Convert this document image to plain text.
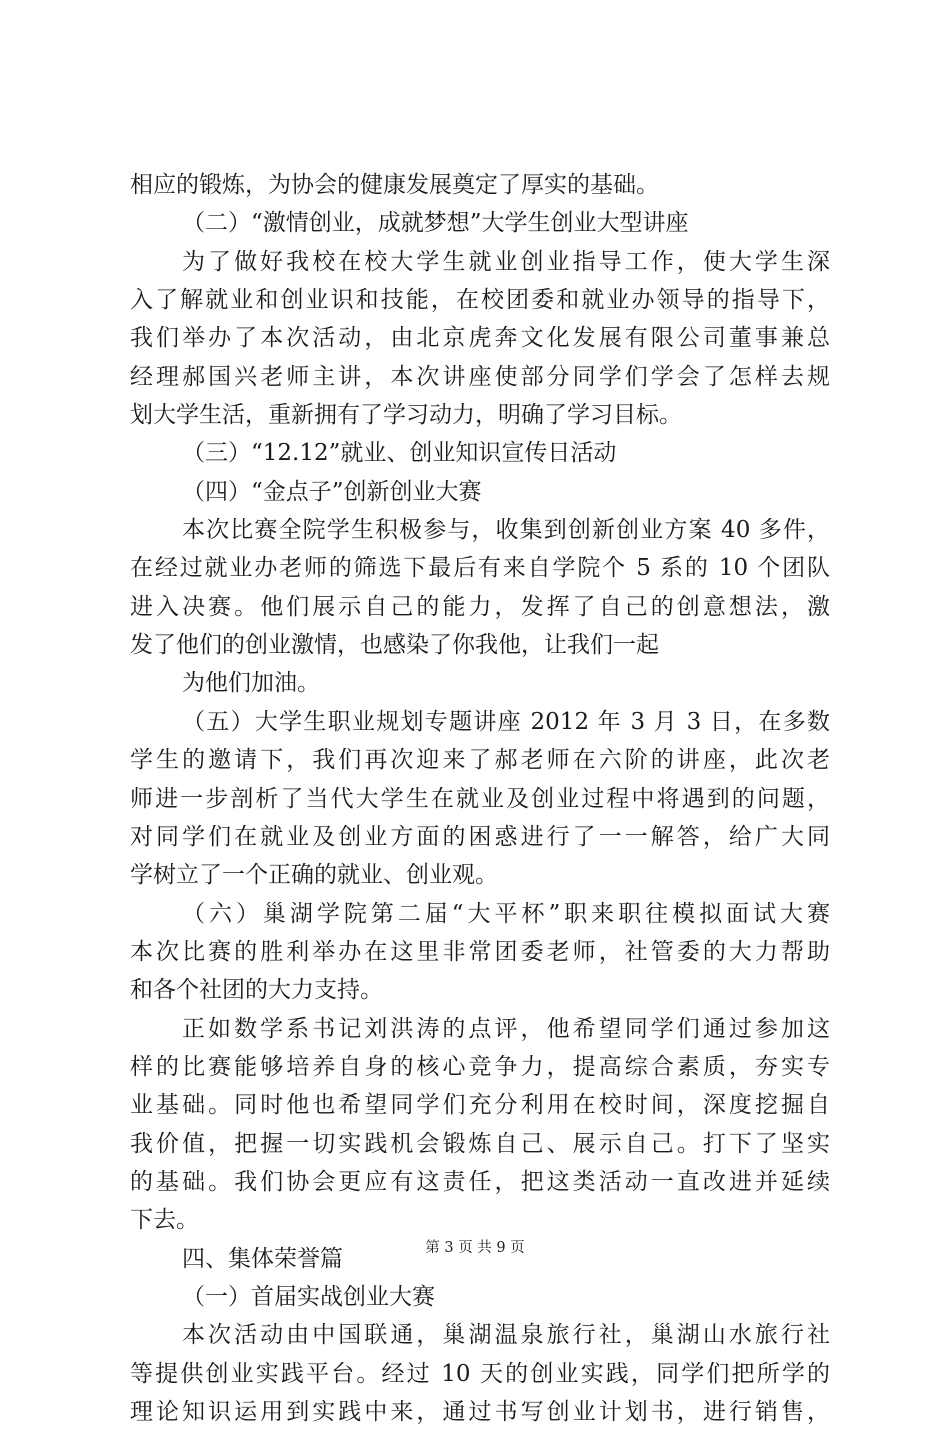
相应的锻炼，为协会的健康发展奠定了厚实的基础。
（二）“激情创业，成就梦想”大学生创业大型讲座
为了做好我校在校大学生就业创业指导工作，使大学生深
入了解就业和创业识和技能，在校团委和就业办领导的指导下，
我们举办了本次活动，由北京虎奔文化发展有限公司董事兼总
经理郝国兴老师主讲，本次讲座使部分同学们学会了怎样去规
划大学生活，重新拥有了学习动力，明确了学习目标。
（三）“12.12”就业、创业知识宣传日活动
（四）“金点子”创新创业大赛
本次比赛全院学生积极参与，收集到创新创业方案 40 多件，
在经过就业办老师的筛选下最后有来自学院个 5 系的 10 个团队
进入决赛。他们展示自己的能力，发挥了自己的创意想法，激
发了他们的创业激情，也感染了你我他，让我们一起
为他们加油。
（五）大学生职业规划专题讲座 2012 年 3 月 3 日，在多数
学生的邀请下，我们再次迎来了郝老师在六阶的讲座，此次老
师进一步剖析了当代大学生在就业及创业过程中将遇到的问题，
对同学们在就业及创业方面的困惑进行了一一解答，给广大同
学树立了一个正确的就业、创业观。
（六）巢湖学院第二届“大平杯”职来职往模拟面试大赛
本次比赛的胜利举办在这里非常团委老师，社管委的大力帮助
和各个社团的大力支持。
正如数学系书记刘洪涛的点评，他希望同学们通过参加这
样的比赛能够培养自身的核心竞争力，提高综合素质，夯实专
业基础。同时他也希望同学们充分利用在校时间，深度挖掘自
我价值，把握一切实践机会锻炼自己、展示自己。打下了坚实
的基础。我们协会更应有这责任，把这类活动一直改进并延续
下去。
四、集体荣誉篇
（一）首届实战创业大赛
本次活动由中国联通，巢湖温泉旅行社，巢湖山水旅行社
等提供创业实践平台。经过 10 天的创业实践，同学们把所学的
理论知识运用到实践中来，通过书写创业计划书，进行销售，
第 3 页 共 9 页
